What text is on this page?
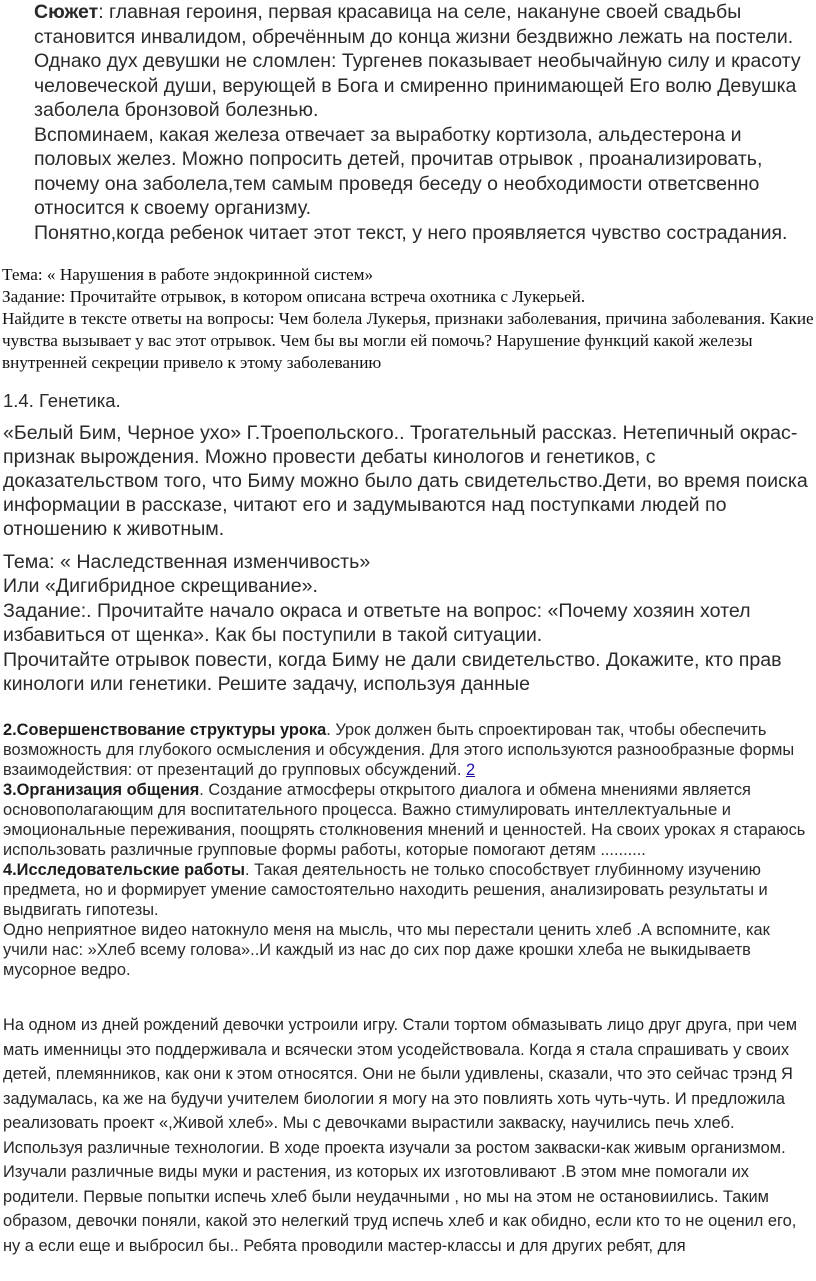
Сюжет: главная героиня, первая красавица на селе, накануне своей свадьбы становится инвалидом, обречённым до конца жизни бездвижно лежать на постели. Однако дух девушки не сломлен: Тургенев показывает необычайную силу и красоту человеческой души, верующей в Бога и смиренно принимающей Его волю Девушка заболела бронзовой болезнью.

Вспоминаем, какая железа отвечает за выработку кортизола, альдестерона и половых желез. Можно попросить детей, прочитав отрывок , проанализировать, почему она заболела,тем самым проведя беседу о необходимости ответсвенно относится к своему организму.

Понятно,когда ребенок читает этот текст, у него проявляется чувство сострадания.

Тема: « Нарушения в работе эндокринной систем»

Задание: Прочитайте отрывок, в котором описана встреча охотника с Лукерьей.

Найдите в тексте ответы на вопросы: Чем болела Лукерья, признаки заболевания, причина заболевания. Какие чувства вызывает у вас этот отрывок. Чем бы вы могли ей помочь? Нарушение функций какой железы внутренней секреции привело к этому заболеванию

1.4. Генетика.

«Белый Бим, Черное ухо» Г.Троепольского.. Трогательный рассказ. Нетепичный окрас-признак вырождения. Можно провести дебаты кинологов и генетиков, с доказательством того, что Биму можно было дать свидетельство.Дети, во время поиска информации в рассказе, читают его и задумываются над поступками людей по отношению к животным.

Тема: « Наследственная изменчивость»

Или «Дигибридное скрещивание».

Задание:. Прочитайте начало окраса и ответьте на вопрос: «Почему хозяин хотел избавиться от щенка». Как бы поступили в такой ситуации.

Прочитайте отрывок повести, когда Биму не дали свидетельство. Докажите, кто прав кинологи или генетики. Решите задачу, используя данные

2.Совершенствование структуры урока. Урок должен быть спроектирован так, чтобы обеспечить возможность для глубокого осмысления и обсуждения. Для этого используются разнообразные формы взаимодействия: от презентаций до групповых обсуждений. 2

3.Организация общения. Создание атмосферы открытого диалога и обмена мнениями является основополагающим для воспитательного процесса. Важно стимулировать интеллектуальные и эмоциональные переживания, поощрять столкновения мнений и ценностей. На своих уроках я стараюсь использовать различные групповые формы работы, которые помогают детям ..........

4.Исследовательские работы. Такая деятельность не только способствует глубинному изучению предмета, но и формирует умение самостоятельно находить решения, анализировать результаты и выдвигать гипотезы.

Одно неприятное видео натокнуло меня на мысль, что мы перестали ценить хлеб .А вспомните, как учили нас: »Хлеб всему голова»..И каждый из нас до сих пор даже крошки хлеба не выкидываетв мусорное ведро.

На одном из дней рождений девочки устроили игру. Стали тортом обмазывать лицо друг друга, при чем мать именницы это поддерживала и всячески этом усодействовала. Когда я стала спрашивать у своих детей, племянников, как они к этом относятся. Они не были удивлены, сказали, что это сейчас трэнд Я задумалась, ка же на будучи учителем биологии я могу на это повлиять хоть чуть-чуть. И предложила реализовать проект «,Живой хлеб». Мы с девочками вырастили закваску, научились печь хлеб. Используя различные технологии. В ходе проекта изучали за ростом закваски-как живым организмом. Изучали различные виды муки и растения, из которых их изготовливают .В этом мне помогали их родители. Первые попытки испечь хлеб были неудачными , но мы на этом не остановиились. Таким образом, девочки поняли, какой это нелегкий труд испечь хлеб и как обидно, если кто то не оценил его, ну а если еще и выбросил бы.. Ребята проводили мастер-классы и для других ребят, для
